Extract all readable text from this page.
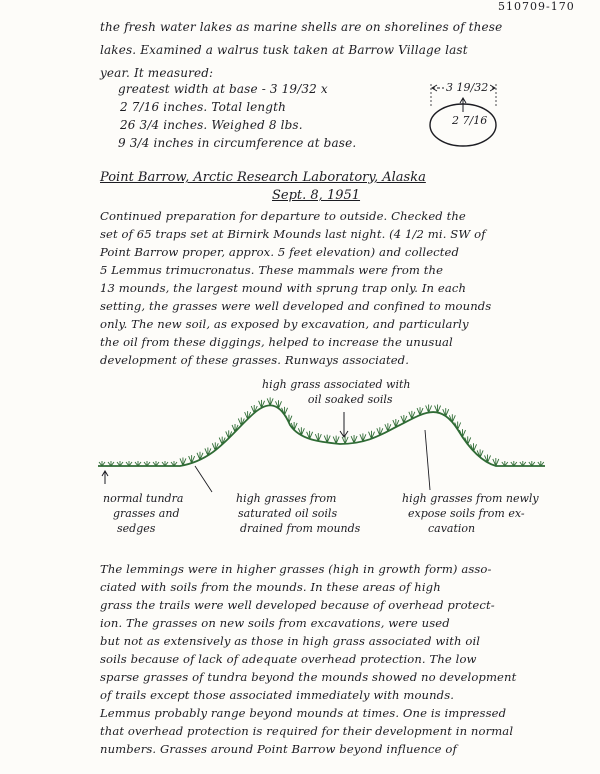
510709-170
the fresh water lakes as marine shells are on shorelines of these
lakes. Examined a walrus tusk taken at Barrow Village last
year. It measured:
greatest width at base - 3 19/32 x
2 7/16 inches. Total length
26 3/4 inches. Weighed 8 lbs.
9 3/4 inches in circumference at base.
3 19/32
2 7/16
Point Barrow, Arctic Research Laboratory, Alaska
Sept. 8, 1951
Continued preparation for departure to outside. Checked the
set of 65 traps set at Birnirk Mounds last night. (4 1/2 mi. SW of
Point Barrow proper, approx. 5 feet elevation) and collected
5 Lemmus trimucronatus. These mammals were from the
13 mounds, the largest mound with sprung trap only. In each
setting, the grasses were well developed and confined to mounds
only. The new soil, as exposed by excavation, and particularly
the oil from these diggings, helped to increase the unusual
development of these grasses. Runways associated.
high grass associated with
oil soaked soils
normal tundra
grasses and
sedges
high grasses from
saturated oil soils
drained from mounds
high grasses from newly
expose soils from ex-
cavation
The lemmings were in higher grasses (high in growth form) asso-
ciated with soils from the mounds. In these areas of high
grass the trails were well developed because of overhead protect-
ion. The grasses on new soils from excavations, were used
but not as extensively as those in high grass associated with oil
soils because of lack of adequate overhead protection. The low
sparse grasses of tundra beyond the mounds showed no development
of trails except those associated immediately with mounds.
Lemmus probably range beyond mounds at times. One is impressed
that overhead protection is required for their development in normal
numbers. Grasses around Point Barrow beyond influence of
